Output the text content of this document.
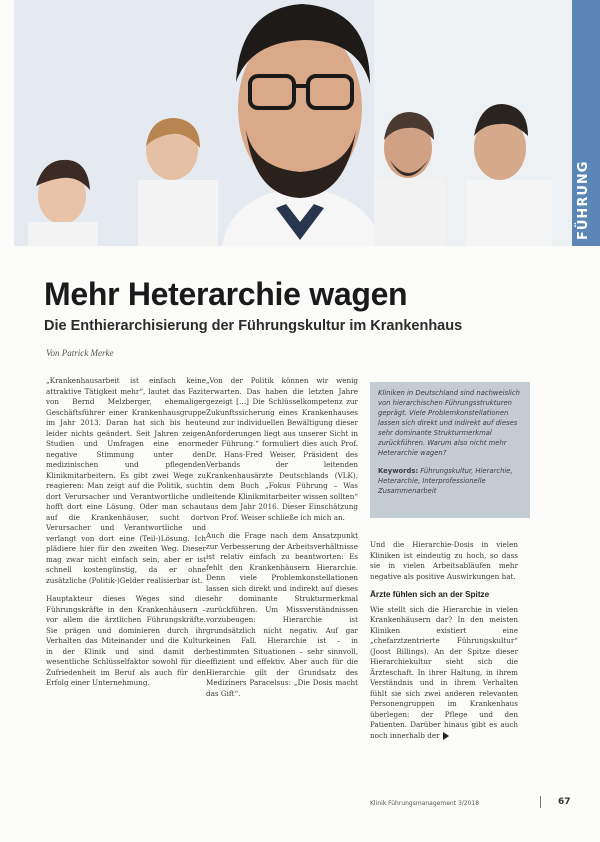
Foto: ©StGrafix – stock.adobe.com FÜHRUNG
Mehr Heterarchie wagen
Die Enthierarchisierung der Führungskultur im Krankenhaus
Von Patrick Merke

„Krankenhausarbeit ist einfach keine attraktive Tätigkeit mehr“, lautet das Fazit von Bernd Melzberger, ehemaliger Geschäftsführer einer Krankenhausgruppe im Jahr 2013. Daran hat sich bis heute leider nichts geändert. Seit Jahren zeigen Studien und Umfragen eine enorme negative Stimmung unter den medizinischen und pflegenden Klinikmitarbeitern. Es gibt zwei Wege zu reagieren: Man zeigt auf die Politik, sucht dort Verursacher und Verantwortliche und hofft dort eine Lösung. Oder man schaut auf die Krankenhäuser, sucht dort Verursacher und Verantwortliche und verlangt von dort eine (Teil-)Lösung. Ich plädiere hier für den zweiten Weg. Dieser mag zwar nicht einfach sein, aber er ist schnell kostengünstig, da er ohne zusätzliche (Politik-)Gelder realisierbar ist.

Hauptakteur dieses Weges sind die Führungskräfte in den Krankenhäusern – vor allem die ärztlichen Führungskräfte. Sie prägen und dominieren durch ihr Verhalten das Miteinander und die Kultur in der Klinik und sind damit der wesentliche Schlüsselfaktor sowohl für die Zufriedenheit im Beruf als auch für den Erfolg einer Unternehmung.

„Von der Politik können wir wenig erwarten. Das haben die letzten Jahre gezeigt […] Die Schlüsselkompetenz zur Zukunftssicherung eines Krankenhauses und zur individuellen Bewältigung dieser Anforderungen liegt aus unserer Sicht in der Führung.“ formuliert dies auch Prof. Dr. Hans-Fred Weiser, Präsident des Verbands der leitenden Krankenhausärzte Deutschlands (VLK), in dem Buch „Fokus Führung – Was leitende Klinikmitarbeiter wissen sollten“ aus dem Jahr 2016. Dieser Einschätzung von Prof. Weiser schließe ich mich an.

Auch die Frage nach dem Ansatzpunkt zur Verbesserung der Arbeitsverhältnisse ist relativ einfach zu beantworten: Es fehlt den Krankenhäusern Hierarchie. Denn viele Problemkonstellationen lassen sich direkt und indirekt auf dieses sehr dominante Strukturmerkmal zurückführen. Um Missverständnissen vorzubeugen: Hierarchie ist grundsätzlich nicht negativ. Auf gar keinen Fall. Hierarchie ist – in bestimmten Situationen – sehr sinnvoll, effizient und effektiv. Aber auch für die Hierarchie gilt der Grundsatz des Mediziners Paracelsus: „Die Dosis macht das Gift“.

Kliniken in Deutschland sind nachweislich von hierarchischen Führungsstrukturen geprägt. Viele Problemkonstellationen lassen sich direkt und indirekt auf dieses sehr dominante Strukturmerkmal zurückführen. Warum also nicht mehr Heterarchie wagen?

Keywords: Führungskultur, Hierarchie, Heterarchie, Interprofessionelle Zusammenarbeit

Und die Hierarchie-Dosis in vielen Kliniken ist eindeutig zu hoch, so dass sie in vielen Arbeitsabläufen mehr negative als positive Auswirkungen hat.

Ärzte fühlen sich an der Spitze

Wie stellt sich die Hierarchie in vielen Krankenhäusern dar? In den meisten Kliniken existiert eine „chefarztzentrierte Führungskultur“ (Joost Billings). An der Spitze dieser Hierarchiekultur sieht sich die Ärzteschaft. In ihrer Haltung, in ihrem Verständnis und in ihrem Verhalten fühlt sie sich zwei anderen relevanten Personengruppen im Krankenhaus überlegen: der Pflege und den Patienten. Darüber hinaus gibt es auch noch innerhalb der

Klinik Führungsmanagement 3/2018	67
